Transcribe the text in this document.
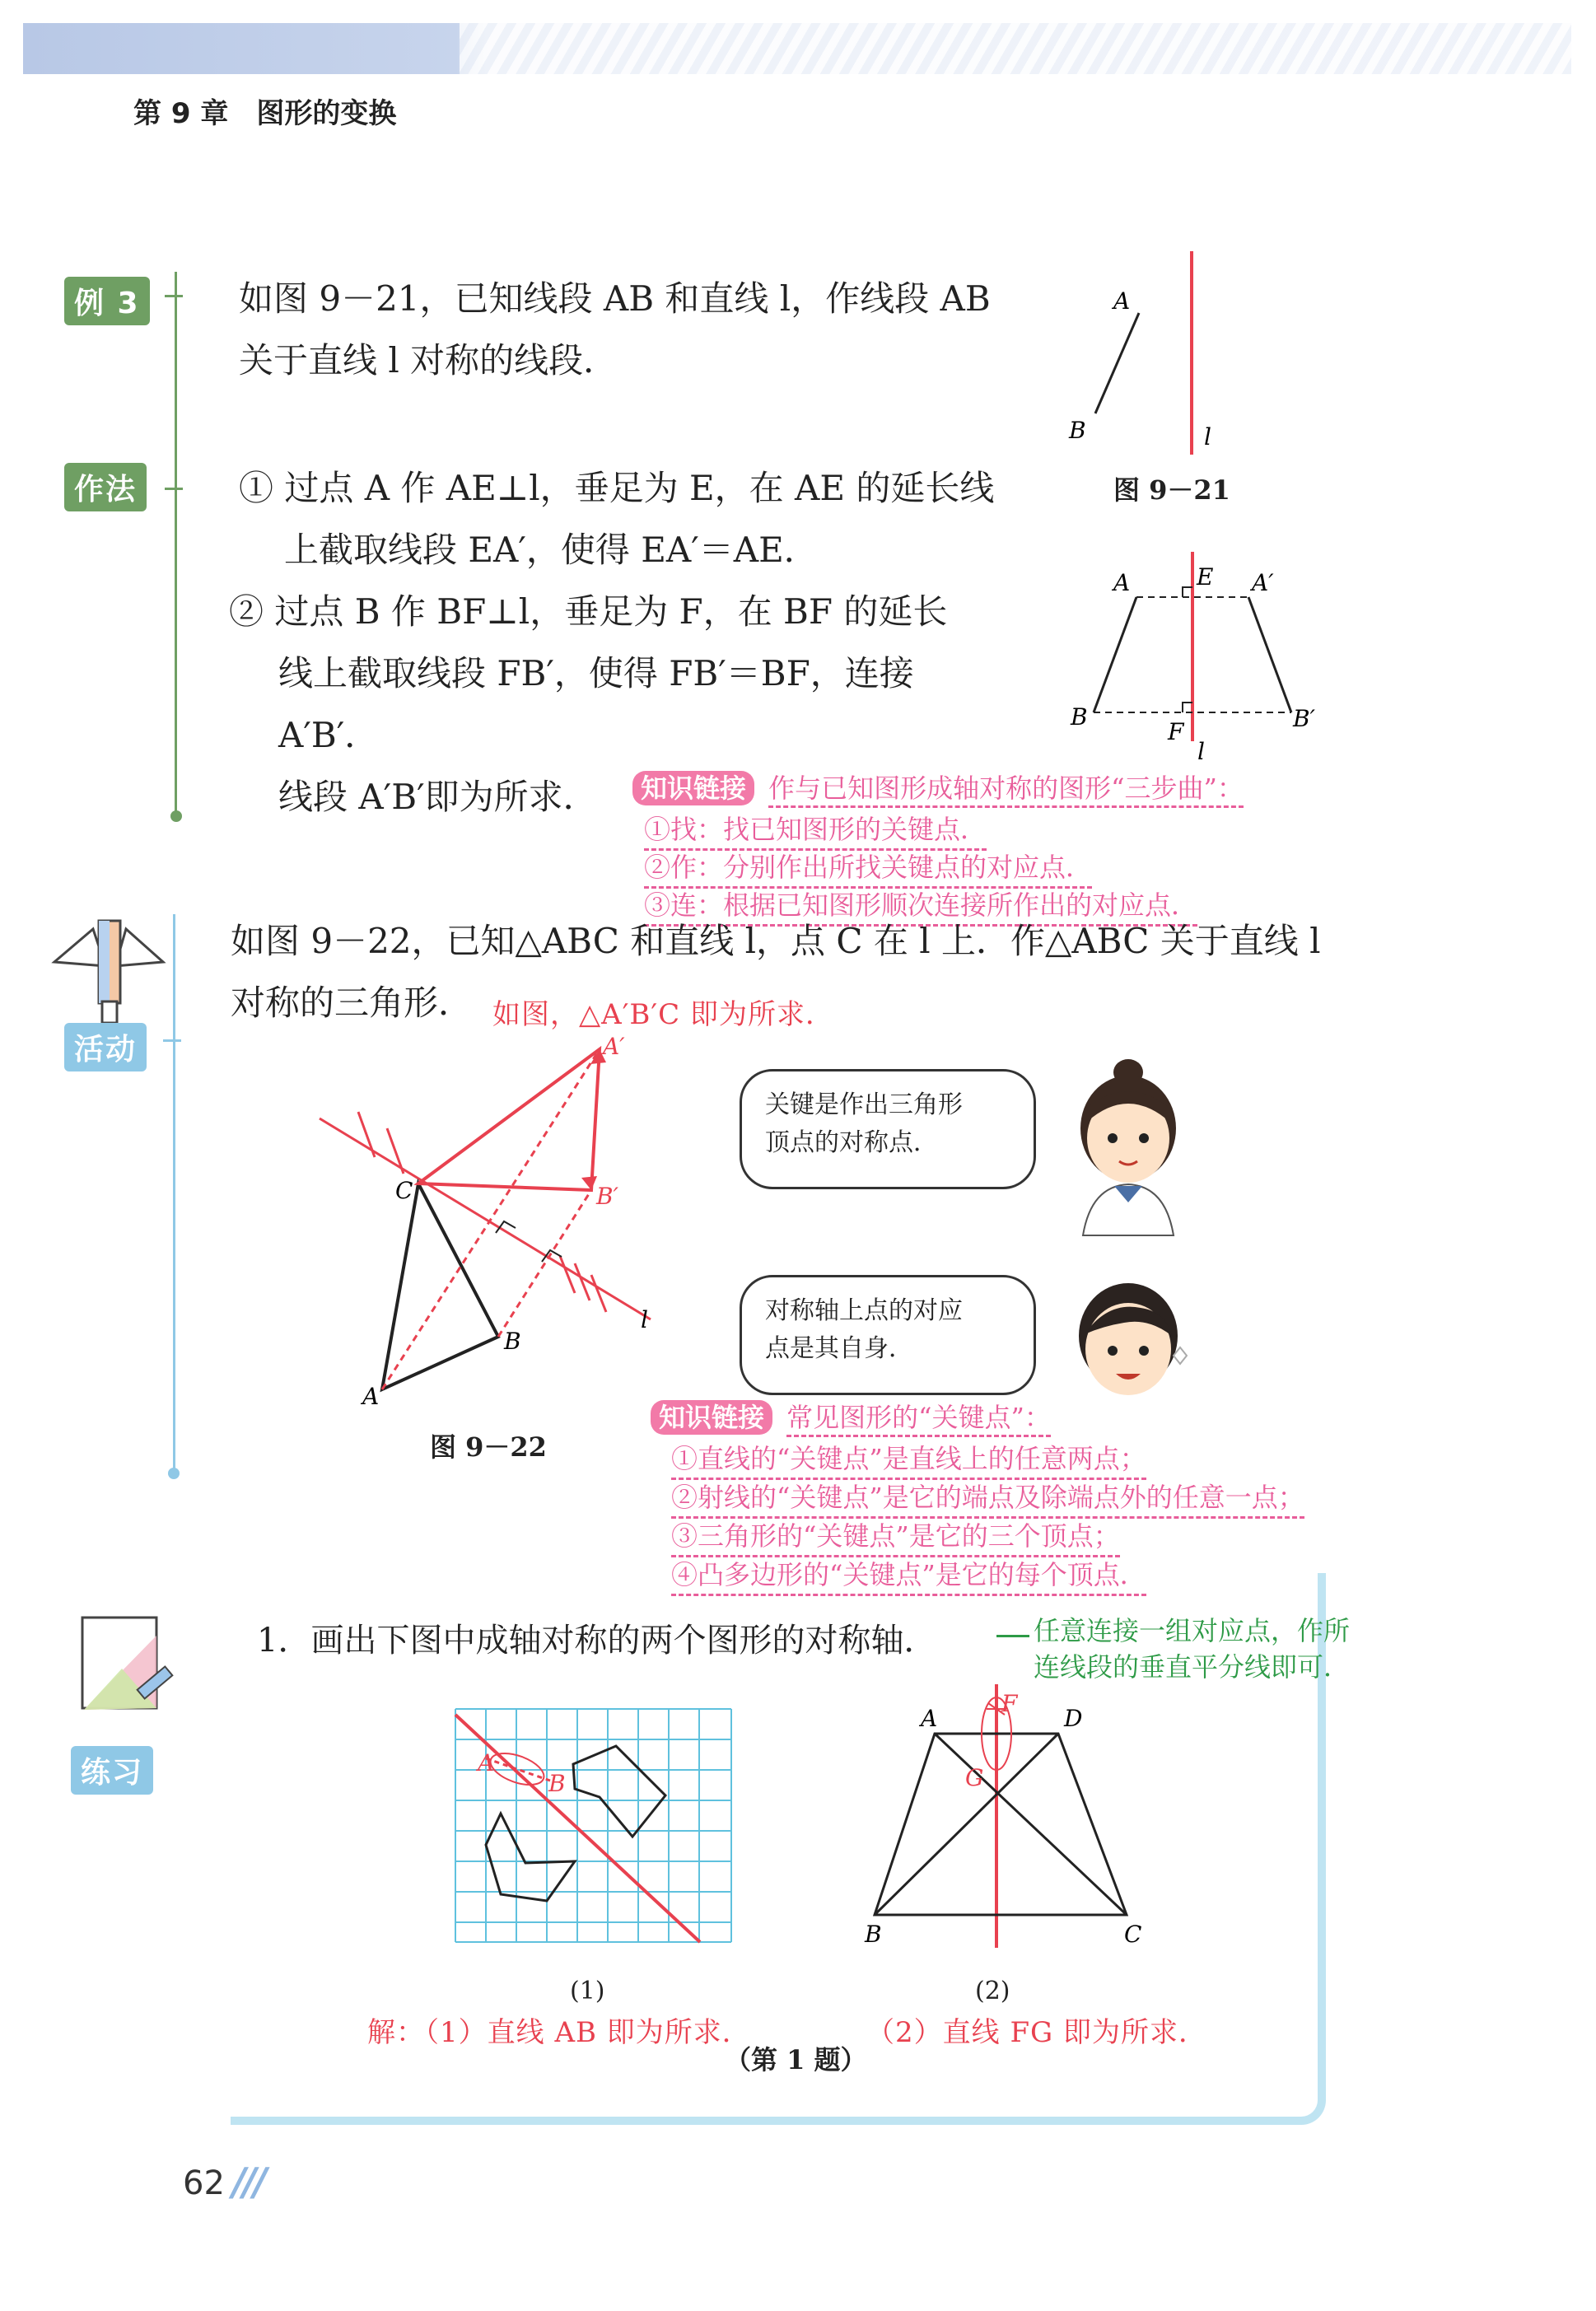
第 9 章　图形的变换
例 3	如图 9－21，已知线段 AB 和直线 l，作线段 AB
关于直线 l 对称的线段．
A
B	l
图 9－21
作法	① 过点 A 作 AE⊥l，垂足为 E，在 AE 的延长线
上截取线段 EA′，使得 EA′＝AE．
② 过点 B 作 BF⊥l，垂足为 F，在 BF 的延长
线上截取线段 FB′，使得 FB′＝BF，连接
A′B′．
线段 A′B′即为所求．
A	E A′
B
F	B′
l
知识链接 作与已知图形成轴对称的图形“三步曲”：
①找：找已知图形的关键点．
②作：分别作出所找关键点的对应点．
③连：根据已知图形顺次连接所作出的对应点．
活动
如图 9－22，已知△ABC 和直线 l，点 C 在 l 上．作△ABC 关于直线 l
对称的三角形． 如图，△A′B′C 即为所求．
C
B
A
A′
B′
l
图 9－22
关键是作出三角形
顶点的对称点．
对称轴上点的对应
点是其自身．
知识链接 常见图形的“关键点”：
①直线的“关键点”是直线上的任意两点；
②射线的“关键点”是它的端点及除端点外的任意一点；
③三角形的“关键点”是它的三个顶点；
④凸多边形的“关键点”是它的每个顶点．
练习
1．画出下图中成轴对称的两个图形的对称轴．	任意连接一组对应点，作所
连线段的垂直平分线即可．
A
B
(1)
A	D
F
G
B	C
(2)
解：（1）直线 AB 即为所求．	（2）直线 FG 即为所求．
（第 1 题）
62 ///
